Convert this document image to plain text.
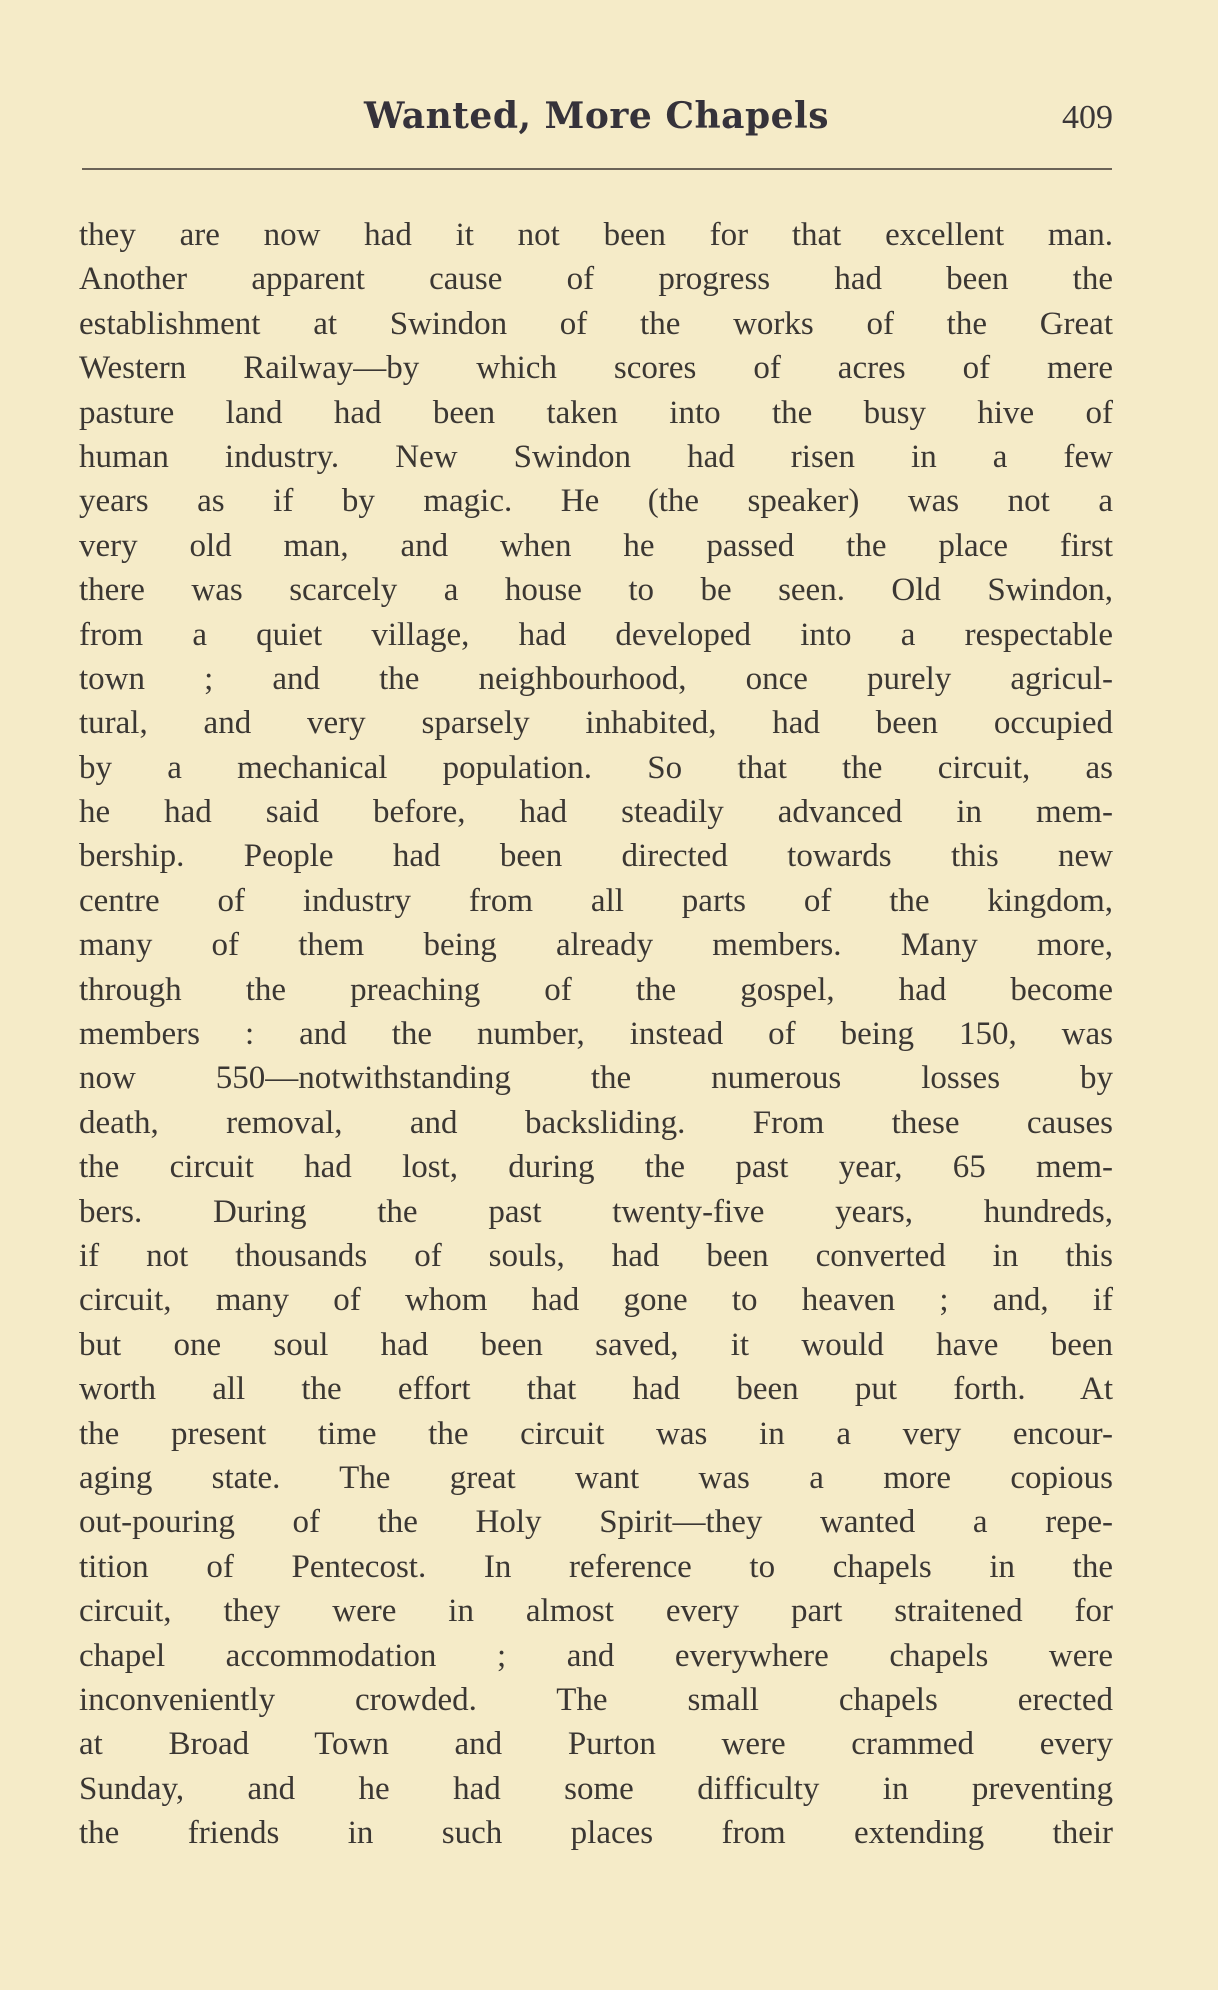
Wanted, More Chapels	409
they are now had it not been for that excellent man.
Another apparent cause of progress had been the
establishment at Swindon of the works of the Great
Western Railway—by which scores of acres of mere
pasture land had been taken into the busy hive of
human industry. New Swindon had risen in a few
years as if by magic. He (the speaker) was not a
very old man, and when he passed the place first
there was scarcely a house to be seen. Old Swindon,
from a quiet village, had developed into a respectable
town ; and the neighbourhood, once purely agricul-
tural, and very sparsely inhabited, had been occupied
by a mechanical population. So that the circuit, as
he had said before, had steadily advanced in mem-
bership. People had been directed towards this new
centre of industry from all parts of the kingdom,
many of them being already members. Many more,
through the preaching of the gospel, had become
members : and the number, instead of being 150, was
now 550—notwithstanding the numerous losses by
death, removal, and backsliding. From these causes
the circuit had lost, during the past year, 65 mem-
bers. During the past twenty-five years, hundreds,
if not thousands of souls, had been converted in this
circuit, many of whom had gone to heaven ; and, if
but one soul had been saved, it would have been
worth all the effort that had been put forth. At
the present time the circuit was in a very encour-
aging state. The great want was a more copious
out-pouring of the Holy Spirit—they wanted a repe-
tition of Pentecost. In reference to chapels in the
circuit, they were in almost every part straitened for
chapel accommodation ; and everywhere chapels were
inconveniently crowded. The small chapels erected
at Broad Town and Purton were crammed every
Sunday, and he had some difficulty in preventing
the friends in such places from extending their
